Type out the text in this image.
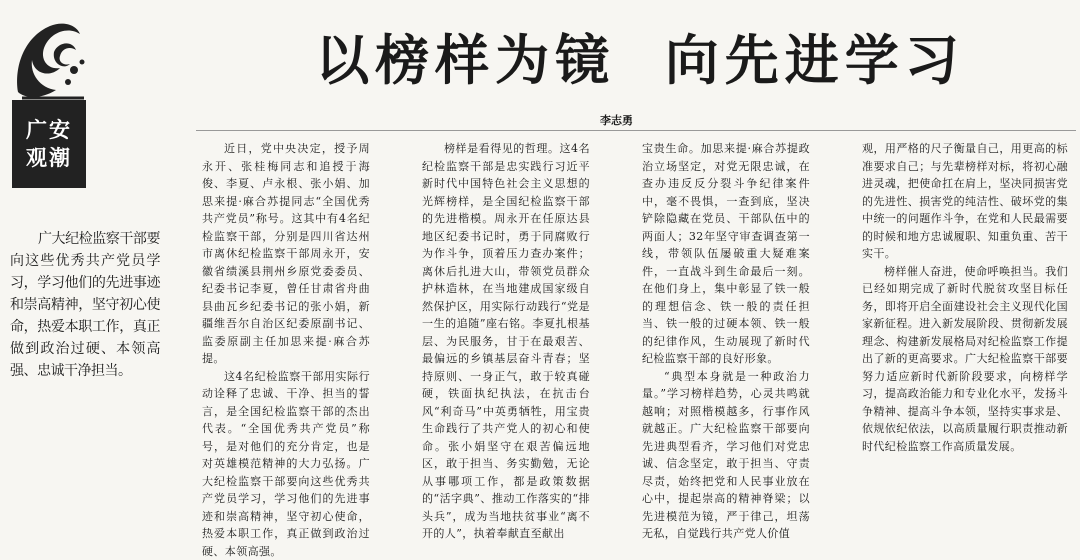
广安
观潮
以榜样为镜  向先进学习
李志勇
广大纪检监察干部要向这些优秀共产党员学习，学习他们的先进事迹和崇高精神，坚守初心使命，热爱本职工作，真正做到政治过硬、本领高强、忠诚干净担当。

近日，党中央决定，授予周永开、张桂梅同志和追授于海俊、李夏、卢永根、张小娟、加思来提·麻合苏提同志“全国优秀共产党员”称号。这其中有4名纪检监察干部，分别是四川省达州市离休纪检监察干部周永开，安徽省绩溪县荆州乡原党委委员、纪委书记李夏，曾任甘肃省舟曲县曲瓦乡纪委书记的张小娟，新疆维吾尔自治区纪委原副书记、监委原副主任加思来提·麻合苏提。

这4名纪检监察干部用实际行动诠释了忠诚、干净、担当的誓言，是全国纪检监察干部的杰出代表。“全国优秀共产党员”称号，是对他们的充分肯定，也是对英雄模范精神的大力弘扬。广大纪检监察干部要向这些优秀共产党员学习，学习他们的先进事迹和崇高精神，坚守初心使命，热爱本职工作，真正做到政治过硬、本领高强。

榜样是看得见的哲理。这4名纪检监察干部是忠实践行习近平新时代中国特色社会主义思想的光辉榜样，是全国纪检监察干部的先进楷模。周永开在任原达县地区纪委书记时，勇于同腐败行为作斗争，顶着压力查办案件；离休后扎进大山，带领党员群众护林造林，在当地建成国家级自然保护区，用实际行动践行“党是一生的追随”座右铭。李夏扎根基层、为民服务，甘于在最艰苦、最偏远的乡镇基层奋斗青春；坚持原则、一身正气，敢于较真碰硬，铁面执纪执法，在抗击台风“利奇马”中英勇牺牲，用宝贵生命践行了共产党人的初心和使命。张小娟坚守在艰苦偏远地区，敢于担当、务实勤勉，无论从事哪项工作，都是政策数据的“活字典”、推动工作落实的“排头兵”，成为当地扶贫事业“离不开的人”，执着奉献直至献出

宝贵生命。加思来提·麻合苏提政治立场坚定，对党无限忠诚，在查办违反反分裂斗争纪律案件中，毫不畏惧，一查到底，坚决铲除隐藏在党员、干部队伍中的两面人；32年坚守审查调查第一线，带领队伍屡破重大疑难案件，一直战斗到生命最后一刻。在他们身上，集中彰显了铁一般的理想信念、铁一般的责任担当、铁一般的过硬本领、铁一般的纪律作风，生动展现了新时代纪检监察干部的良好形象。

“典型本身就是一种政治力量。”学习榜样趋势，心灵共鸣就越响；对照楷模越多，行事作风就越正。广大纪检监察干部要向先进典型看齐，学习他们对党忠诚、信念坚定，敢于担当、守责尽责，始终把党和人民事业放在心中，提起崇高的精神脊梁；以先进模范为镜，严于律己，坦荡无私，自觉践行共产党人价值

观，用严格的尺子衡量自己，用更高的标准要求自己；与先辈榜样对标，将初心融进灵魂，把使命扛在肩上，坚决同损害党的先进性、损害党的纯洁性、破坏党的集中统一的问题作斗争，在党和人民最需要的时候和地方忠诚履职、知重负重、苦干实干。

榜样催人奋进，使命呼唤担当。我们已经如期完成了新时代脱贫攻坚目标任务，即将开启全面建设社会主义现代化国家新征程。进入新发展阶段、贯彻新发展理念、构建新发展格局对纪检监察工作提出了新的更高要求。广大纪检监察干部要努力适应新时代新阶段要求，向榜样学习，提高政治能力和专业化水平，发扬斗争精神、提高斗争本领，坚持实事求是、依规依纪依法，以高质量履行职责推动新时代纪检监察工作高质量发展。
